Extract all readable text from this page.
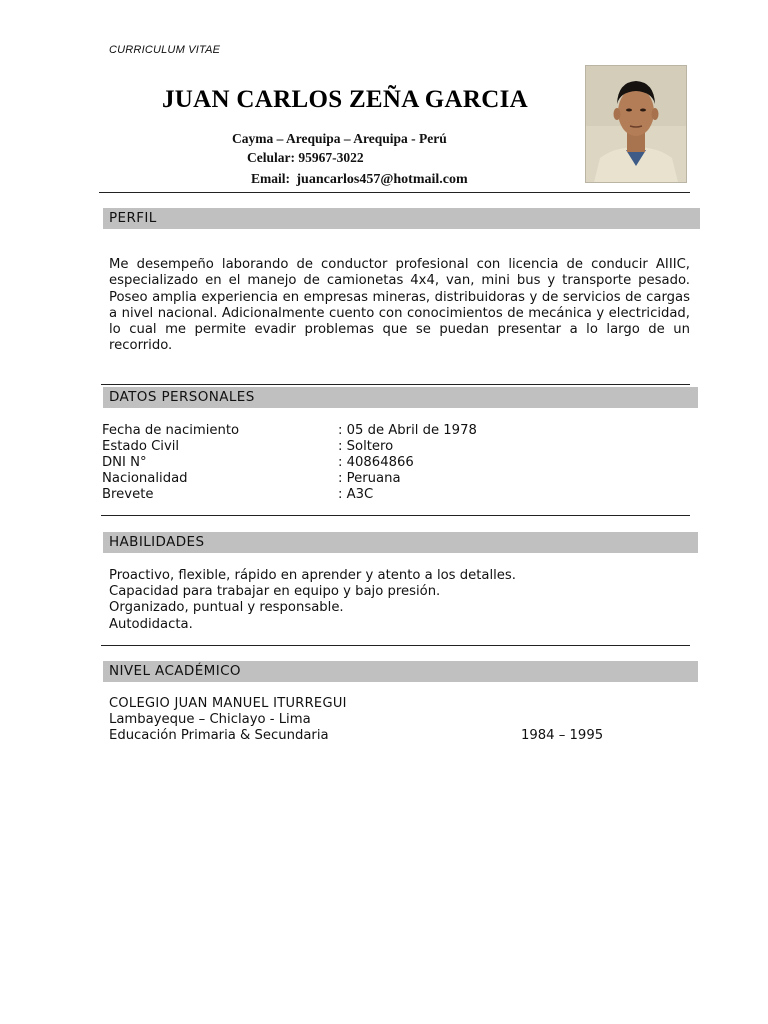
CURRICULUM VITAE
JUAN CARLOS ZEÑA GARCIA
Cayma – Arequipa – Arequipa - Perú
Celular: 95967-3022
Email: juancarlos457@hotmail.com
PERFIL
Me desempeño laborando de conductor profesional con licencia de conducir AIIIC, especializado en el manejo de camionetas 4x4, van, mini bus y transporte pesado. Poseo amplia experiencia en empresas mineras, distribuidoras y de servicios de cargas a nivel nacional. Adicionalmente cuento con conocimientos de mecánica y electricidad, lo cual me permite evadir problemas que se puedan presentar a lo largo de un recorrido.
DATOS PERSONALES
Fecha de nacimiento	: 05 de Abril de 1978
Estado Civil	: Soltero
DNI N°	: 40864866
Nacionalidad	: Peruana
Brevete	: A3C
HABILIDADES
Proactivo, flexible, rápido en aprender y atento a los detalles.
Capacidad para trabajar en equipo y bajo presión.
Organizado, puntual y responsable.
Autodidacta.
NIVEL ACADÉMICO
COLEGIO JUAN MANUEL ITURREGUI
Lambayeque – Chiclayo - Lima
Educación Primaria & Secundaria	1984 – 1995
